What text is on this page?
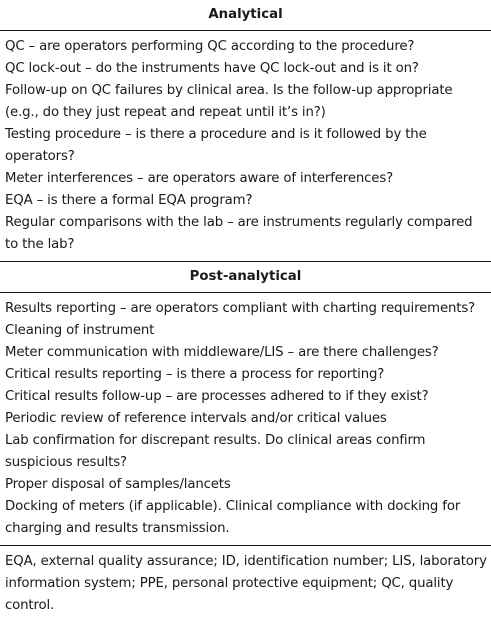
Analytical
QC – are operators performing QC according to the procedure?
QC lock-out – do the instruments have QC lock-out and is it on?
Follow-up on QC failures by clinical area. Is the follow-up appropriate (e.g., do they just repeat and repeat until it’s in?)
Testing procedure – is there a procedure and is it followed by the operators?
Meter interferences – are operators aware of interferences?
EQA – is there a formal EQA program?
Regular comparisons with the lab – are instruments regularly compared to the lab?
Post-analytical
Results reporting – are operators compliant with charting requirements?
Cleaning of instrument
Meter communication with middleware/LIS – are there challenges?
Critical results reporting – is there a process for reporting?
Critical results follow-up – are processes adhered to if they exist?
Periodic review of reference intervals and/or critical values
Lab confirmation for discrepant results. Do clinical areas confirm suspicious results?
Proper disposal of samples/lancets
Docking of meters (if applicable). Clinical compliance with docking for charging and results transmission.
EQA, external quality assurance; ID, identification number; LIS, laboratory information system; PPE, personal protective equipment; QC, quality control.
